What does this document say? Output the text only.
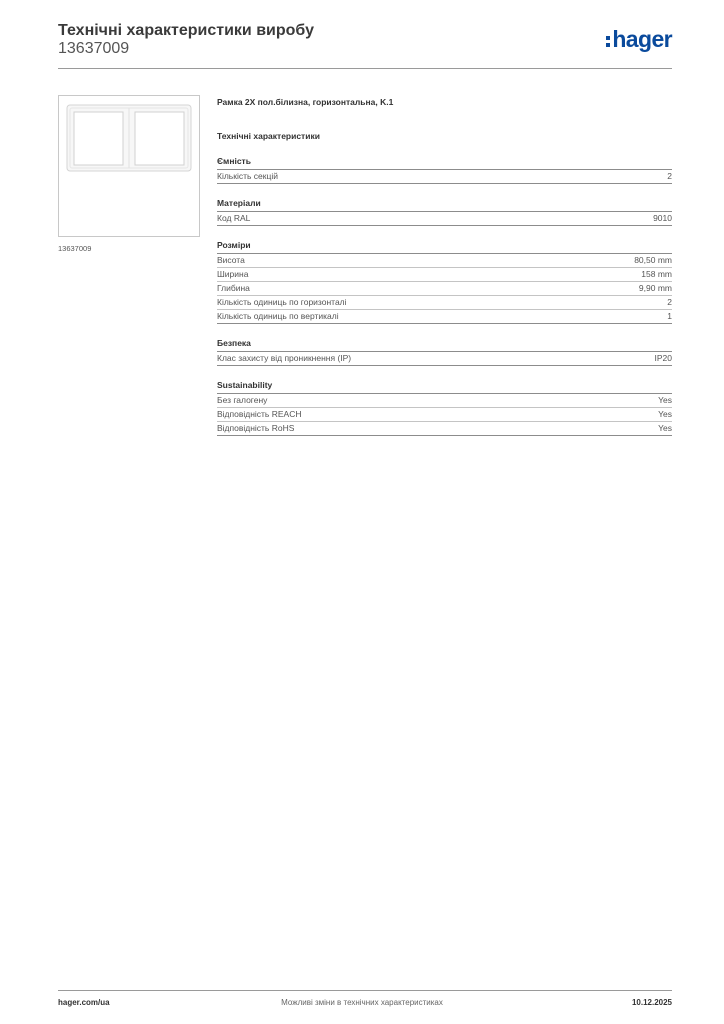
Технічні характеристики виробу
13637009	hager
13637009
Рамка 2X пол.білизна, горизонтальна, K.1
Технічні характеристики
Ємність
Кількість секцій	2
Матеріали
Код RAL	9010
Розміри
Висота	80,50 mm
Ширина	158 mm
Глибина	9,90 mm
Кількість одиниць по горизонталі	2
Кількість одиниць по вертикалі	1
Безпека
Клас захисту від проникнення (IP)	IP20
Sustainability
Без галогену	Yes
Відповідність REACH	Yes
Відповідність RoHS	Yes
hager.com/ua	Можливі зміни в технічних характеристиках	10.12.2025
